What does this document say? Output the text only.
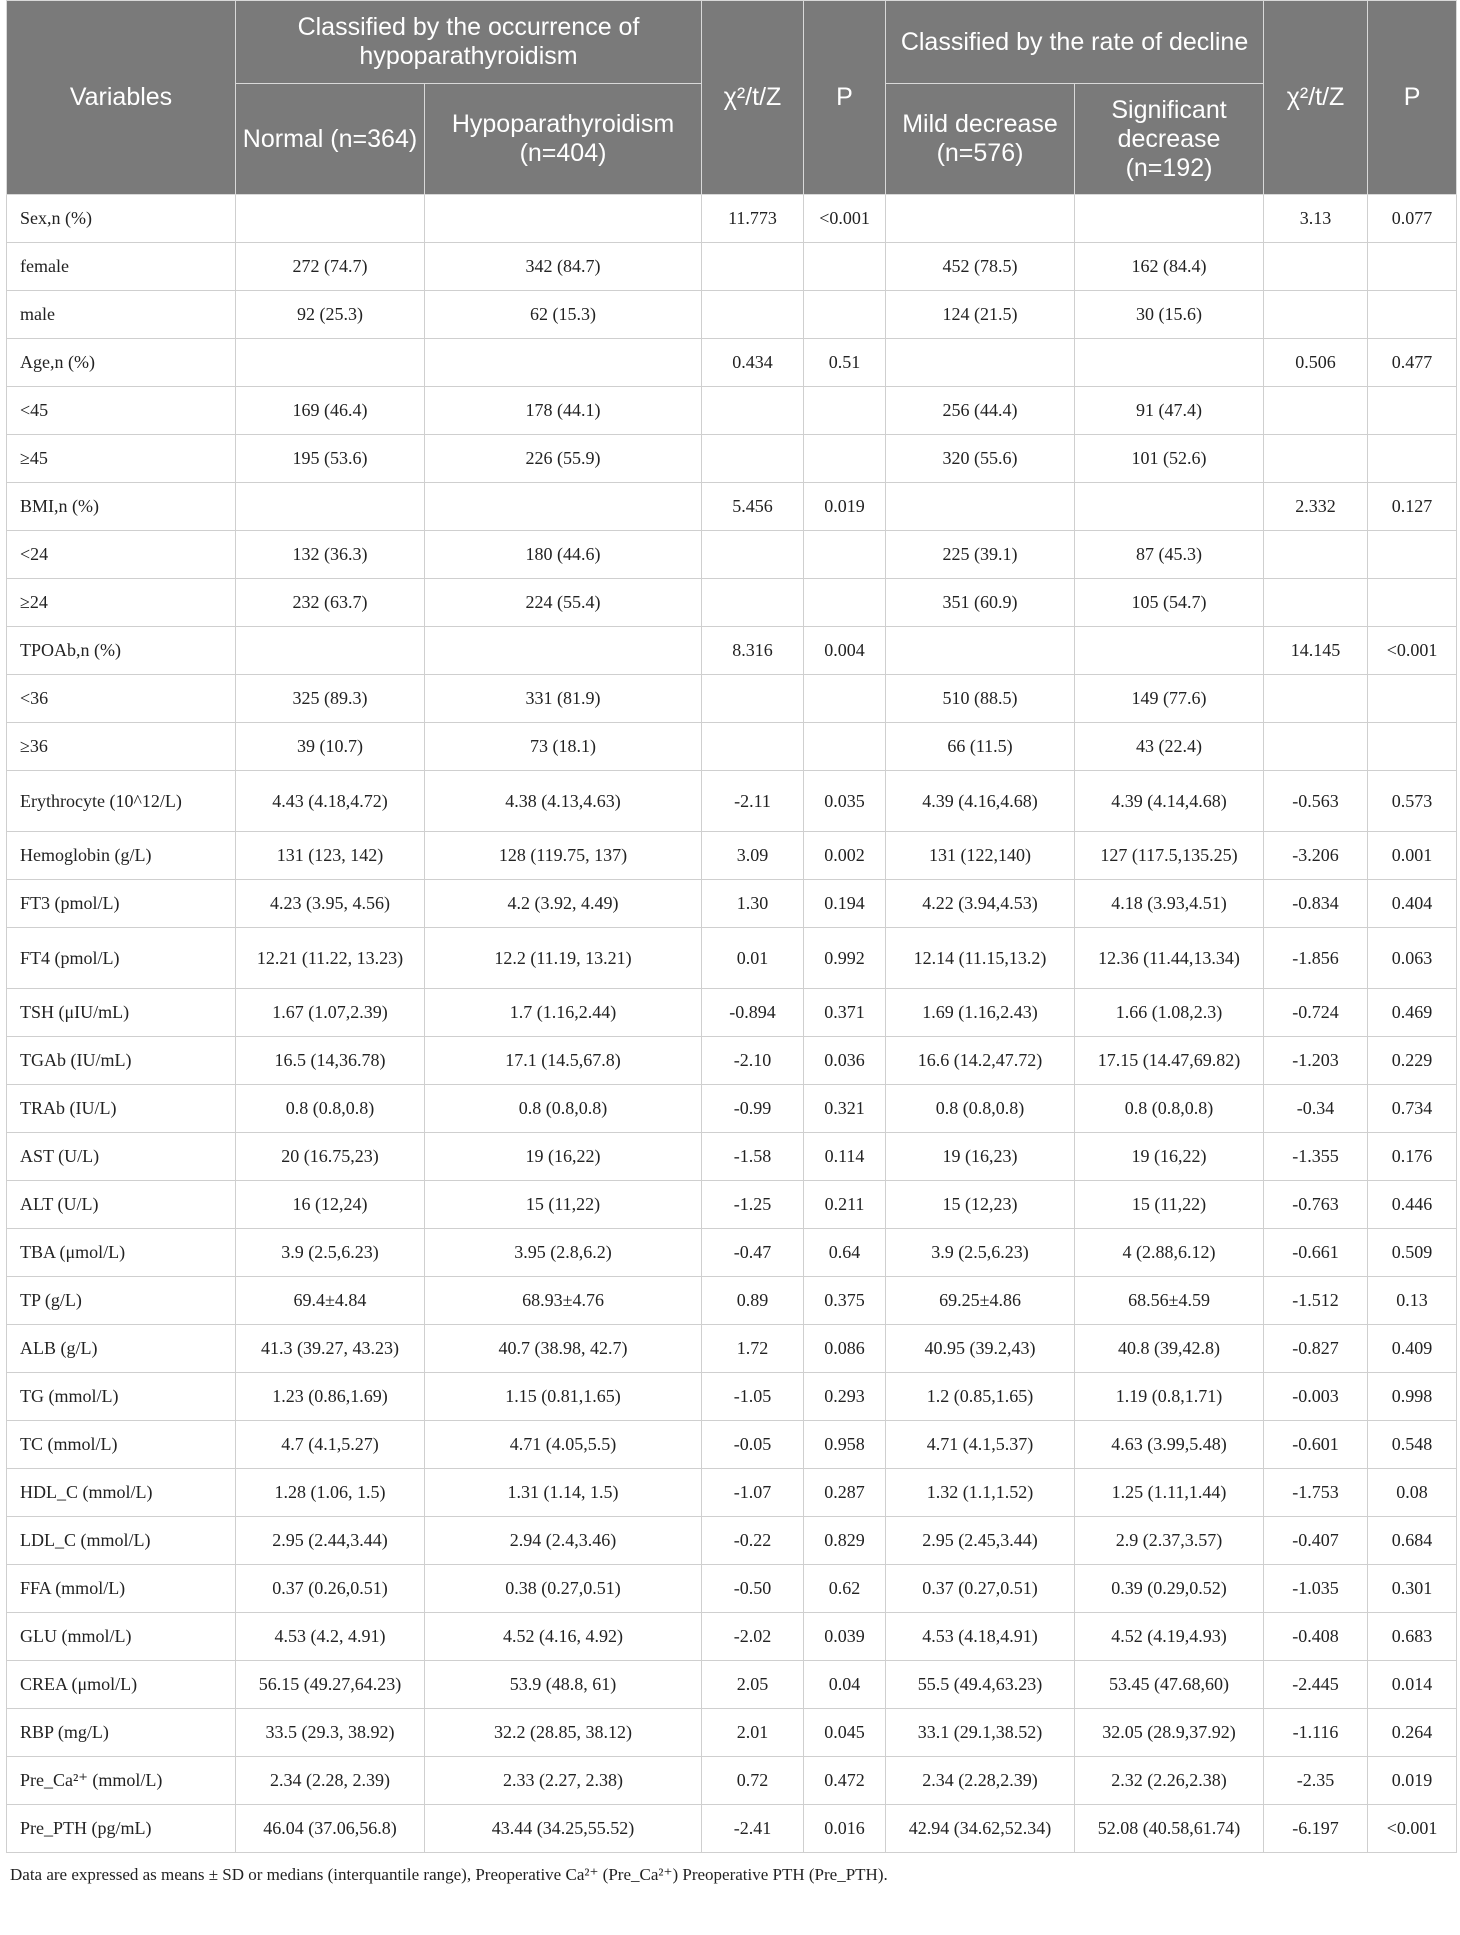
Variables	Classified by the occurrence of hypoparathyroidism		χ²/t/Z	P	Classified by the rate of decline		χ²/t/Z	P
	Normal (n=364)	Hypoparathyroidism (n=404)			Mild decrease (n=576)	Significant decrease (n=192)		
Sex,n (%)			11.773	<0.001			3.13	0.077
female	272 (74.7)	342 (84.7)			452 (78.5)	162 (84.4)		
male	92 (25.3)	62 (15.3)			124 (21.5)	30 (15.6)		
Age,n (%)			0.434	0.51			0.506	0.477
<45	169 (46.4)	178 (44.1)			256 (44.4)	91 (47.4)		
≥45	195 (53.6)	226 (55.9)			320 (55.6)	101 (52.6)		
BMI,n (%)			5.456	0.019			2.332	0.127
<24	132 (36.3)	180 (44.6)			225 (39.1)	87 (45.3)		
≥24	232 (63.7)	224 (55.4)			351 (60.9)	105 (54.7)		
TPOAb,n (%)			8.316	0.004			14.145	<0.001
<36	325 (89.3)	331 (81.9)			510 (88.5)	149 (77.6)		
≥36	39 (10.7)	73 (18.1)			66 (11.5)	43 (22.4)		
Erythrocyte (10^12/L)	4.43 (4.18,4.72)	4.38 (4.13,4.63)	-2.11	0.035	4.39 (4.16,4.68)	4.39 (4.14,4.68)	-0.563	0.573
Hemoglobin (g/L)	131 (123, 142)	128 (119.75, 137)	3.09	0.002	131 (122,140)	127 (117.5,135.25)	-3.206	0.001
FT3 (pmol/L)	4.23 (3.95, 4.56)	4.2 (3.92, 4.49)	1.30	0.194	4.22 (3.94,4.53)	4.18 (3.93,4.51)	-0.834	0.404
FT4 (pmol/L)	12.21 (11.22, 13.23)	12.2 (11.19, 13.21)	0.01	0.992	12.14 (11.15,13.2)	12.36 (11.44,13.34)	-1.856	0.063
TSH (μIU/mL)	1.67 (1.07,2.39)	1.7 (1.16,2.44)	-0.894	0.371	1.69 (1.16,2.43)	1.66 (1.08,2.3)	-0.724	0.469
TGAb (IU/mL)	16.5 (14,36.78)	17.1 (14.5,67.8)	-2.10	0.036	16.6 (14.2,47.72)	17.15 (14.47,69.82)	-1.203	0.229
TRAb (IU/L)	0.8 (0.8,0.8)	0.8 (0.8,0.8)	-0.99	0.321	0.8 (0.8,0.8)	0.8 (0.8,0.8)	-0.34	0.734
AST (U/L)	20 (16.75,23)	19 (16,22)	-1.58	0.114	19 (16,23)	19 (16,22)	-1.355	0.176
ALT (U/L)	16 (12,24)	15 (11,22)	-1.25	0.211	15 (12,23)	15 (11,22)	-0.763	0.446
TBA (μmol/L)	3.9 (2.5,6.23)	3.95 (2.8,6.2)	-0.47	0.64	3.9 (2.5,6.23)	4 (2.88,6.12)	-0.661	0.509
TP (g/L)	69.4±4.84	68.93±4.76	0.89	0.375	69.25±4.86	68.56±4.59	-1.512	0.13
ALB (g/L)	41.3 (39.27, 43.23)	40.7 (38.98, 42.7)	1.72	0.086	40.95 (39.2,43)	40.8 (39,42.8)	-0.827	0.409
TG (mmol/L)	1.23 (0.86,1.69)	1.15 (0.81,1.65)	-1.05	0.293	1.2 (0.85,1.65)	1.19 (0.8,1.71)	-0.003	0.998
TC (mmol/L)	4.7 (4.1,5.27)	4.71 (4.05,5.5)	-0.05	0.958	4.71 (4.1,5.37)	4.63 (3.99,5.48)	-0.601	0.548
HDL_C (mmol/L)	1.28 (1.06, 1.5)	1.31 (1.14, 1.5)	-1.07	0.287	1.32 (1.1,1.52)	1.25 (1.11,1.44)	-1.753	0.08
LDL_C (mmol/L)	2.95 (2.44,3.44)	2.94 (2.4,3.46)	-0.22	0.829	2.95 (2.45,3.44)	2.9 (2.37,3.57)	-0.407	0.684
FFA (mmol/L)	0.37 (0.26,0.51)	0.38 (0.27,0.51)	-0.50	0.62	0.37 (0.27,0.51)	0.39 (0.29,0.52)	-1.035	0.301
GLU (mmol/L)	4.53 (4.2, 4.91)	4.52 (4.16, 4.92)	-2.02	0.039	4.53 (4.18,4.91)	4.52 (4.19,4.93)	-0.408	0.683
CREA (μmol/L)	56.15 (49.27,64.23)	53.9 (48.8, 61)	2.05	0.04	55.5 (49.4,63.23)	53.45 (47.68,60)	-2.445	0.014
RBP (mg/L)	33.5 (29.3, 38.92)	32.2 (28.85, 38.12)	2.01	0.045	33.1 (29.1,38.52)	32.05 (28.9,37.92)	-1.116	0.264
Pre_Ca²⁺ (mmol/L)	2.34 (2.28, 2.39)	2.33 (2.27, 2.38)	0.72	0.472	2.34 (2.28,2.39)	2.32 (2.26,2.38)	-2.35	0.019
Pre_PTH (pg/mL)	46.04 (37.06,56.8)	43.44 (34.25,55.52)	-2.41	0.016	42.94 (34.62,52.34)	52.08 (40.58,61.74)	-6.197	<0.001
Data are expressed as means ± SD or medians (interquantile range), Preoperative Ca²⁺ (Pre_Ca²⁺) Preoperative PTH (Pre_PTH).
